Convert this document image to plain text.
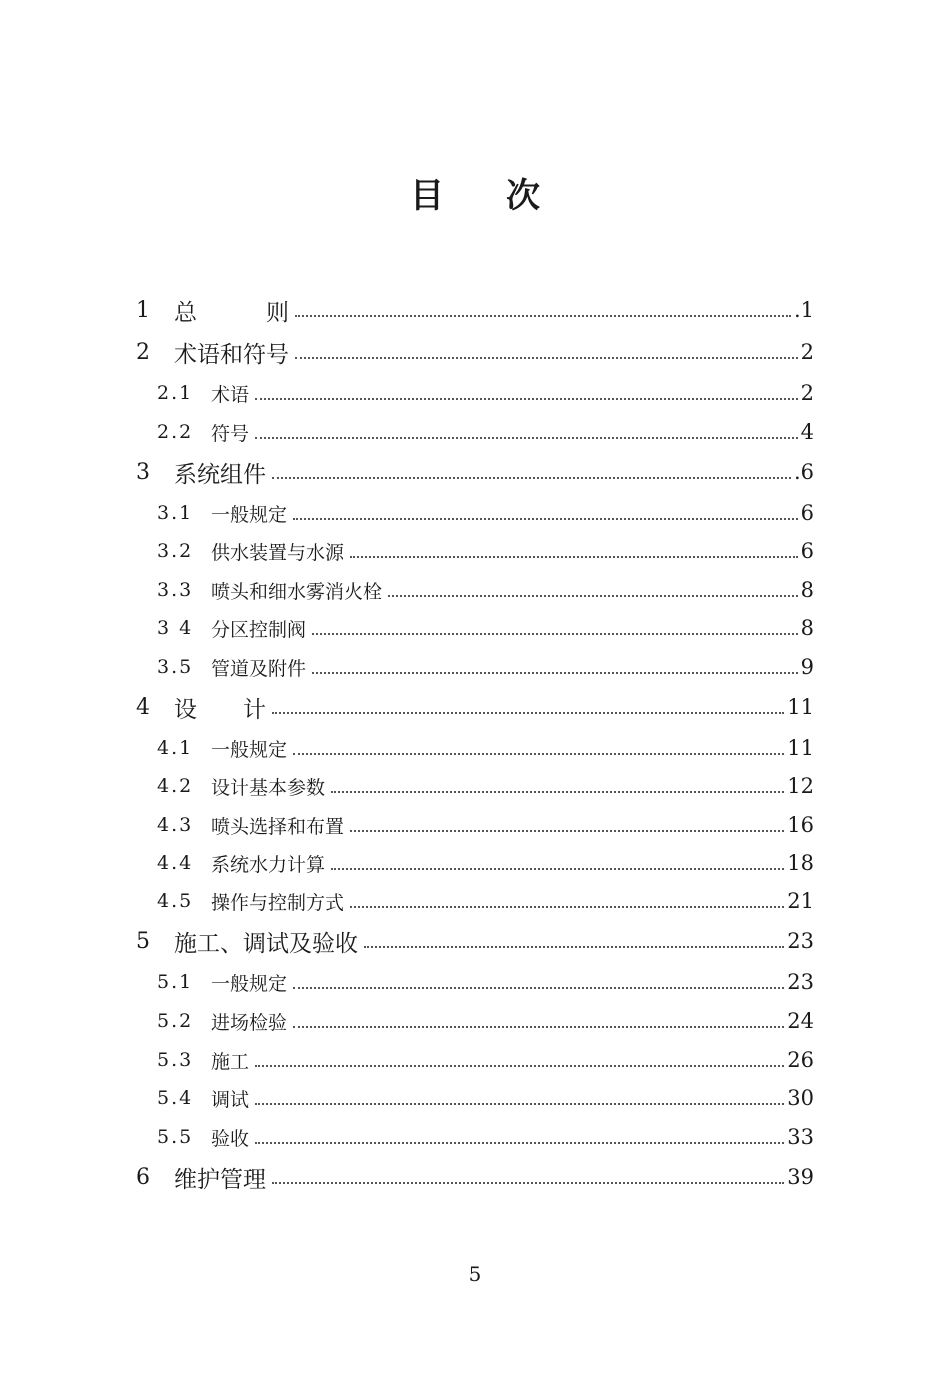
目 次
1 总　　　则	.1
2 术语和符号	2
2.1 术语	2
2.2 符号	4
3 系统组件	.6
3.1 一般规定	6
3.2 供水装置与水源	6
3.3 喷头和细水雾消火栓	8
3 4 分区控制阀	8
3.5 管道及附件	9
4 设　　计	11
4.1 一般规定	11
4.2 设计基本参数	12
4.3 喷头选择和布置	16
4.4 系统水力计算	18
4.5 操作与控制方式	21
5 施工、调试及验收	23
5.1 一般规定	23
5.2 进场检验	24
5.3 施工	26
5.4 调试	30
5.5 验收	33
6 维护管理	39
5
